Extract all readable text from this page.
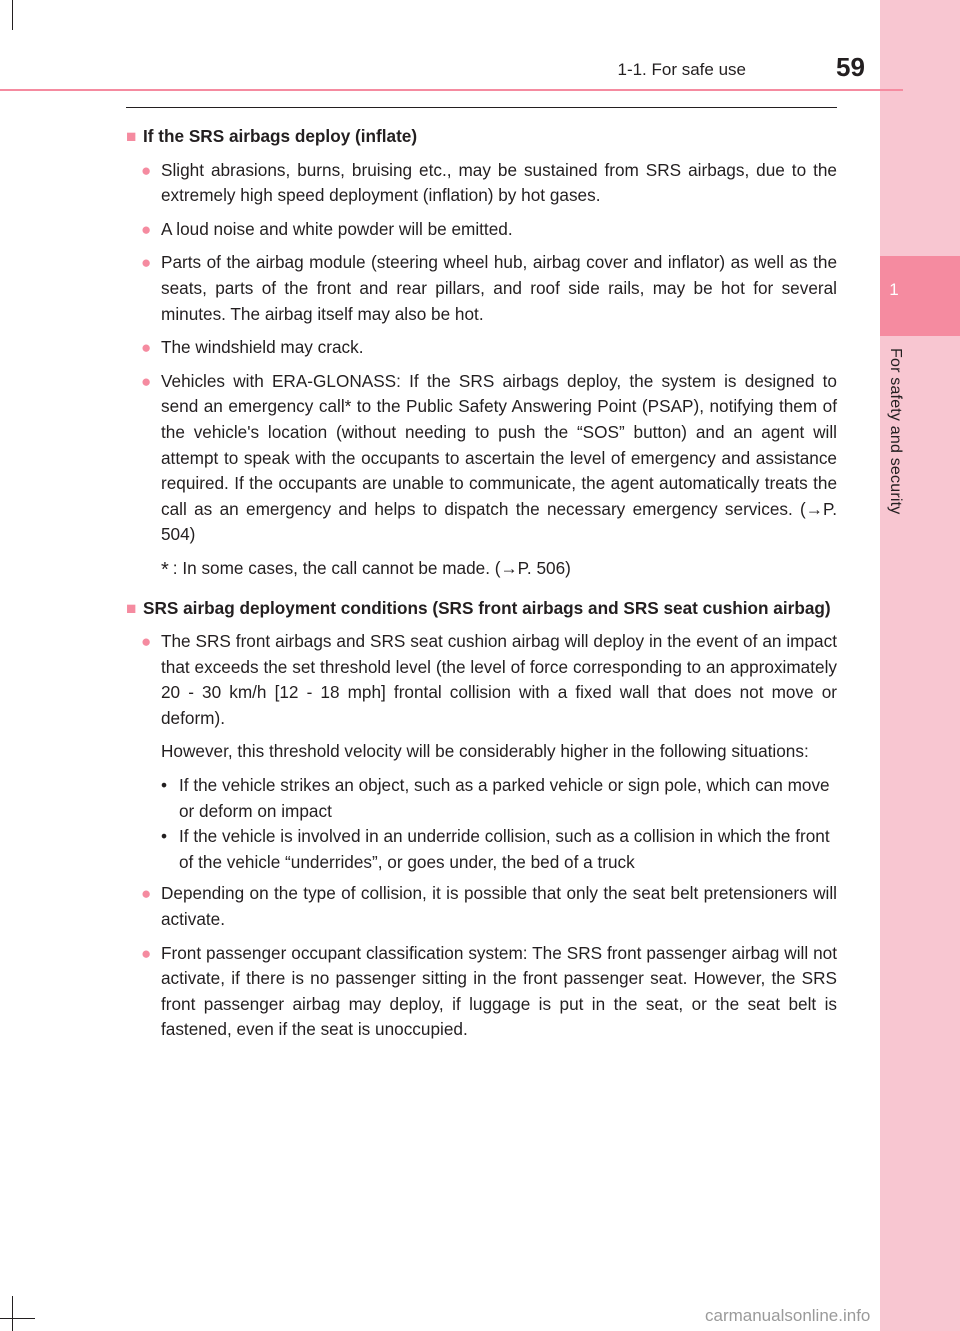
1
For safety and security
1-1. For safe use	59
■ If the SRS airbags deploy (inflate)
● Slight abrasions, burns, bruising etc., may be sustained from SRS airbags, due to the extremely high speed deployment (inflation) by hot gases.
● A loud noise and white powder will be emitted.
● Parts of the airbag module (steering wheel hub, airbag cover and inflator) as well as the seats, parts of the front and rear pillars, and roof side rails, may be hot for several minutes. The airbag itself may also be hot.
● The windshield may crack.
● Vehicles with ERA-GLONASS: If the SRS airbags deploy, the system is designed to send an emergency call* to the Public Safety Answering Point (PSAP), notifying them of the vehicle's location (without needing to push the “SOS” button) and an agent will attempt to speak with the occupants to ascertain the level of emergency and assistance required. If the occupants are unable to communicate, the agent automatically treats the call as an emergency and helps to dispatch the necessary emergency services. (→P. 504)
* : In some cases, the call cannot be made. (→P. 506)
■ SRS airbag deployment conditions (SRS front airbags and SRS seat cushion airbag)
● The SRS front airbags and SRS seat cushion airbag will deploy in the event of an impact that exceeds the set threshold level (the level of force corresponding to an approximately 20 - 30 km/h [12 - 18 mph] frontal collision with a fixed wall that does not move or deform).
However, this threshold velocity will be considerably higher in the following situations:
• If the vehicle strikes an object, such as a parked vehicle or sign pole, which can move or deform on impact
• If the vehicle is involved in an underride collision, such as a collision in which the front of the vehicle “underrides”, or goes under, the bed of a truck
● Depending on the type of collision, it is possible that only the seat belt pretensioners will activate.
● Front passenger occupant classification system: The SRS front passenger airbag will not activate, if there is no passenger sitting in the front passenger seat. However, the SRS front passenger airbag may deploy, if luggage is put in the seat, or the seat belt is fastened, even if the seat is unoccupied.
carmanualsonline.info
